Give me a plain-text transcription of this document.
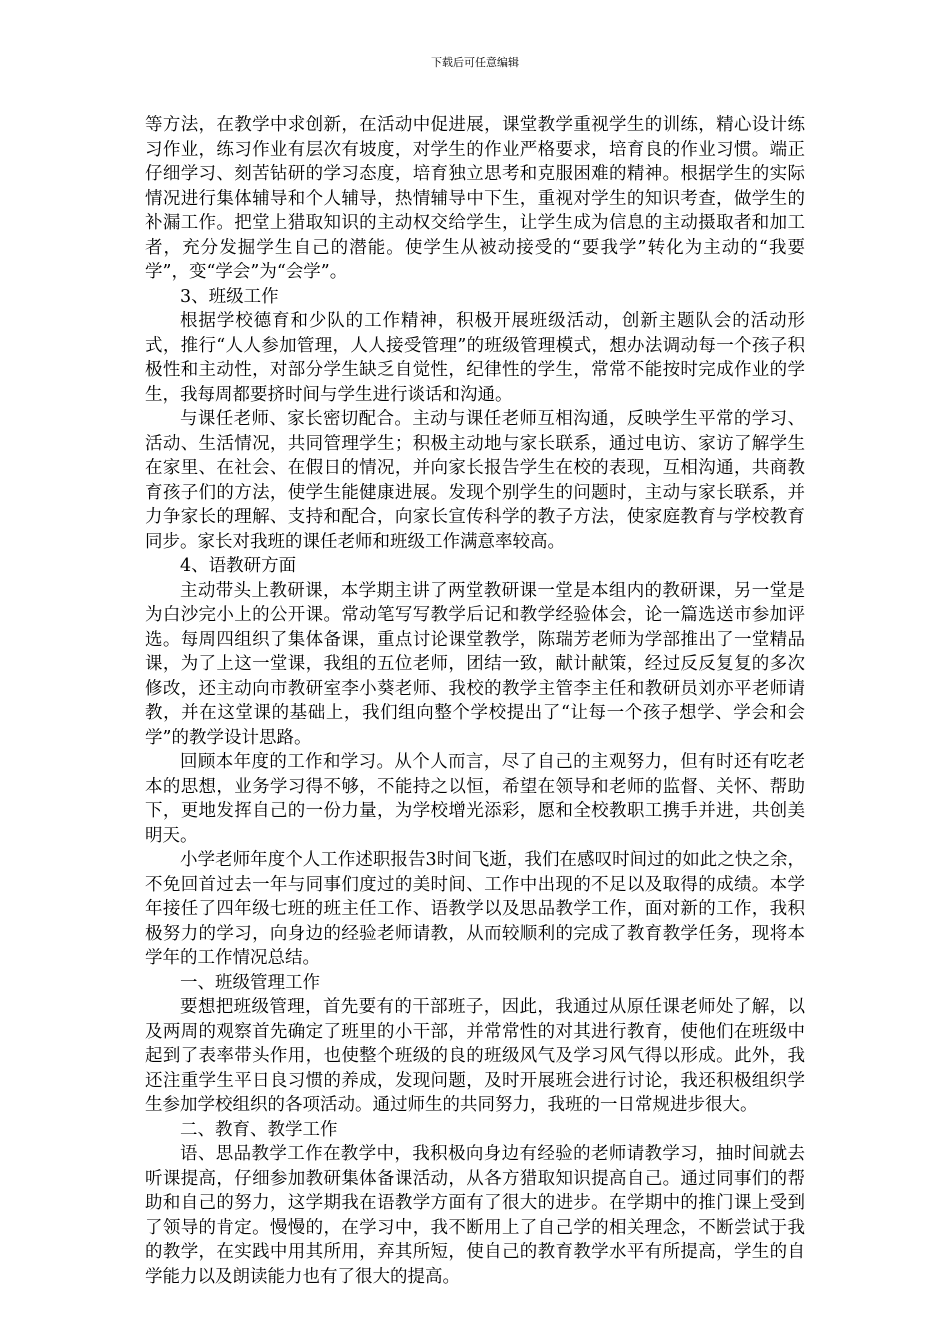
下载后可任意编辑

等方法，在教学中求创新，在活动中促进展，课堂教学重视学生的训练，精心设计练习作业，练习作业有层次有坡度，对学生的作业严格要求，培育良的作业习惯。端正仔细学习、刻苦钻研的学习态度，培育独立思考和克服困难的精神。根据学生的实际情况进行集体辅导和个人辅导，热情辅导中下生，重视对学生的知识考查，做学生的补漏工作。把堂上猎取知识的主动权交给学生，让学生成为信息的主动摄取者和加工者，充分发掘学生自己的潜能。使学生从被动接受的“要我学”转化为主动的“我要学”，变“学会”为“会学”。

3、班级工作

根据学校德育和少队的工作精神，积极开展班级活动，创新主题队会的活动形式，推行“人人参加管理，人人接受管理”的班级管理模式，想办法调动每一个孩子积极性和主动性，对部分学生缺乏自觉性，纪律性的学生，常常不能按时完成作业的学生，我每周都要挤时间与学生进行谈话和沟通。

与课任老师、家长密切配合。主动与课任老师互相沟通，反映学生平常的学习、活动、生活情况，共同管理学生；积极主动地与家长联系，通过电访、家访了解学生在家里、在社会、在假日的情况，并向家长报告学生在校的表现，互相沟通，共商教育孩子们的方法，使学生能健康进展。发现个别学生的问题时，主动与家长联系，并力争家长的理解、支持和配合，向家长宣传科学的教子方法，使家庭教育与学校教育同步。家长对我班的课任老师和班级工作满意率较高。

4、语教研方面

主动带头上教研课，本学期主讲了两堂教研课一堂是本组内的教研课，另一堂是为白沙完小上的公开课。常动笔写写教学后记和教学经验体会，论一篇选送市参加评选。每周四组织了集体备课，重点讨论课堂教学，陈瑞芳老师为学部推出了一堂精品课，为了上这一堂课，我组的五位老师，团结一致，献计献策，经过反反复复的多次修改，还主动向市教研室李小葵老师、我校的教学主管李主任和教研员刘亦平老师请教，并在这堂课的基础上，我们组向整个学校提出了“让每一个孩子想学、学会和会学”的教学设计思路。

回顾本年度的工作和学习。从个人而言，尽了自己的主观努力，但有时还有吃老本的思想，业务学习得不够，不能持之以恒，希望在领导和老师的监督、关怀、帮助下，更地发挥自己的一份力量，为学校增光添彩，愿和全校教职工携手并进，共创美明天。

小学老师年度个人工作述职报告3时间飞逝，我们在感叹时间过的如此之快之余，不免回首过去一年与同事们度过的美时间、工作中出现的不足以及取得的成绩。本学年接任了四年级七班的班主任工作、语教学以及思品教学工作，面对新的工作，我积极努力的学习，向身边的经验老师请教，从而较顺利的完成了教育教学任务，现将本学年的工作情况总结。

一、班级管理工作

要想把班级管理，首先要有的干部班子，因此，我通过从原任课老师处了解，以及两周的观察首先确定了班里的小干部，并常常性的对其进行教育，使他们在班级中起到了表率带头作用，也使整个班级的良的班级风气及学习风气得以形成。此外，我还注重学生平日良习惯的养成，发现问题，及时开展班会进行讨论，我还积极组织学生参加学校组织的各项活动。通过师生的共同努力，我班的一日常规进步很大。

二、教育、教学工作

语、思品教学工作在教学中，我积极向身边有经验的老师请教学习，抽时间就去听课提高，仔细参加教研集体备课活动，从各方猎取知识提高自己。通过同事们的帮助和自己的努力，这学期我在语教学方面有了很大的进步。在学期中的推门课上受到了领导的肯定。慢慢的，在学习中，我不断用上了自己学的相关理念，不断尝试于我的教学，在实践中用其所用，弃其所短，使自己的教育教学水平有所提高，学生的自学能力以及朗读能力也有了很大的提高。
